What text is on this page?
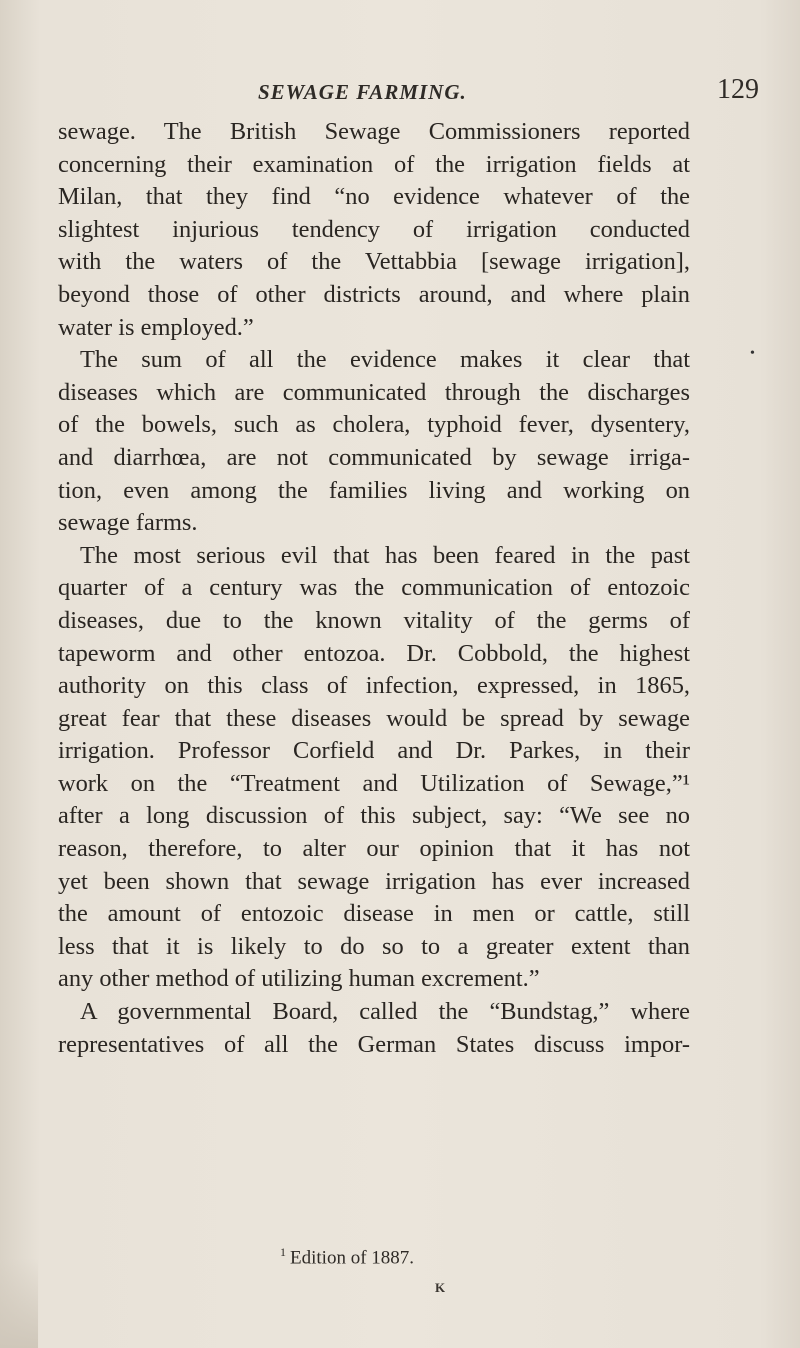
SEWAGE FARMING.	129
sewage. The British Sewage Commissioners reported
concerning their examination of the irrigation fields at
Milan, that they find “no evidence whatever of the
slightest injurious tendency of irrigation conducted
with the waters of the Vettabbia [sewage irrigation],
beyond those of other districts around, and where plain
water is employed.”
The sum of all the evidence makes it clear that
diseases which are communicated through the discharges
of the bowels, such as cholera, typhoid fever, dysentery,
and diarrhœa, are not communicated by sewage irriga-
tion, even among the families living and working on
sewage farms.
The most serious evil that has been feared in the past
quarter of a century was the communication of entozoic
diseases, due to the known vitality of the germs of
tapeworm and other entozoa. Dr. Cobbold, the highest
authority on this class of infection, expressed, in 1865,
great fear that these diseases would be spread by sewage
irrigation. Professor Corfield and Dr. Parkes, in their
work on the “Treatment and Utilization of Sewage,”¹
after a long discussion of this subject, say: “We see no
reason, therefore, to alter our opinion that it has not
yet been shown that sewage irrigation has ever increased
the amount of entozoic disease in men or cattle, still
less that it is likely to do so to a greater extent than
any other method of utilizing human excrement.”
A governmental Board, called the “Bundstag,” where
representatives of all the German States discuss impor-
$^1$ Edition of 1887.
K
•
